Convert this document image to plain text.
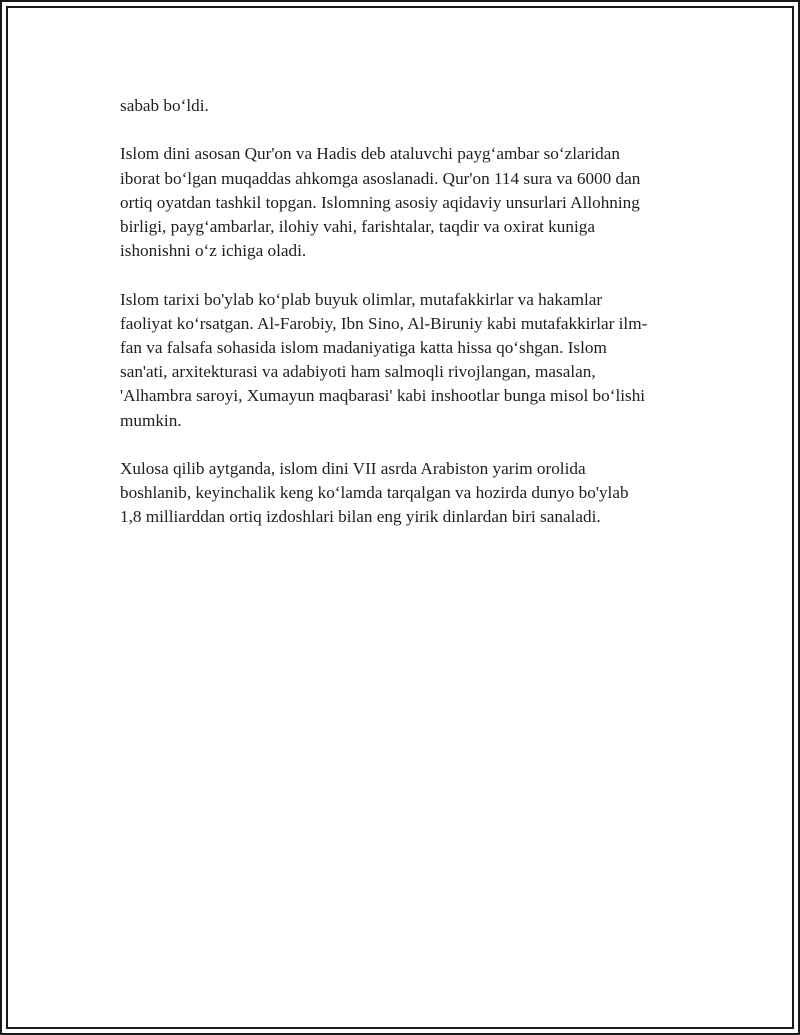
sabab bo‘ldi.

Islom dini asosan Qur'on va Hadis deb ataluvchi payg‘ambar so‘zlaridan
iborat bo‘lgan muqaddas ahkomga asoslanadi. Qur'on 114 sura va 6000 dan
ortiq oyatdan tashkil topgan. Islomning asosiy aqidaviy unsurlari Allohning
birligi, payg‘ambarlar, ilohiy vahi, farishtalar, taqdir va oxirat kuniga
ishonishni o‘z ichiga oladi.

Islom tarixi bo'ylab ko‘plab buyuk olimlar, mutafakkirlar va hakamlar
faoliyat ko‘rsatgan. Al-Farobiy, Ibn Sino, Al-Biruniy kabi mutafakkirlar ilm-
fan va falsafa sohasida islom madaniyatiga katta hissa qo‘shgan. Islom
san'ati, arxitekturasi va adabiyoti ham salmoqli rivojlangan, masalan,
'Alhambra saroyi, Xumayun maqbarasi' kabi inshootlar bunga misol bo‘lishi
mumkin.

Xulosa qilib aytganda, islom dini VII asrda Arabiston yarim orolida
boshlanib, keyinchalik keng ko‘lamda tarqalgan va hozirda dunyo bo'ylab
1,8 milliarddan ortiq izdoshlari bilan eng yirik dinlardan biri sanaladi.
